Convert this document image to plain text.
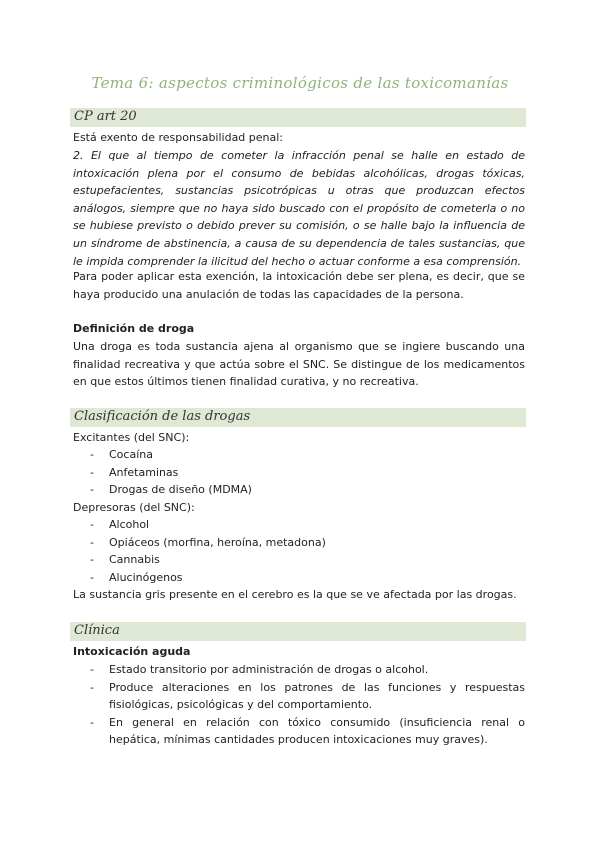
Tema 6: aspectos criminológicos de las toxicomanías
CP art 20
Está exento de responsabilidad penal:
2. El que al tiempo de cometer la infracción penal se halle en estado de intoxicación plena por el consumo de bebidas alcohólicas, drogas tóxicas, estupefacientes, sustancias psicotrópicas u otras que produzcan efectos análogos, siempre que no haya sido buscado con el propósito de cometerla o no se hubiese previsto o debido prever su comisión, o se halle bajo la influencia de un síndrome de abstinencia, a causa de su dependencia de tales sustancias, que le impida comprender la ilicitud del hecho o actuar conforme a esa comprensión.
Para poder aplicar esta exención, la intoxicación debe ser plena, es decir, que se haya producido una anulación de todas las capacidades de la persona.
Definición de droga
Una droga es toda sustancia ajena al organismo que se ingiere buscando una finalidad recreativa y que actúa sobre el SNC. Se distingue de los medicamentos en que estos últimos tienen finalidad curativa, y no recreativa.
Clasificación de las drogas
Excitantes (del SNC):
- Cocaína
- Anfetaminas
- Drogas de diseño (MDMA)
Depresoras (del SNC):
- Alcohol
- Opiáceos (morfina, heroína, metadona)
- Cannabis
- Alucinógenos
La sustancia gris presente en el cerebro es la que se ve afectada por las drogas.
Clínica
Intoxicación aguda
- Estado transitorio por administración de drogas o alcohol.
- Produce alteraciones en los patrones de las funciones y respuestas fisiológicas, psicológicas y del comportamiento.
- En general en relación con tóxico consumido (insuficiencia renal o hepática, mínimas cantidades producen intoxicaciones muy graves).
